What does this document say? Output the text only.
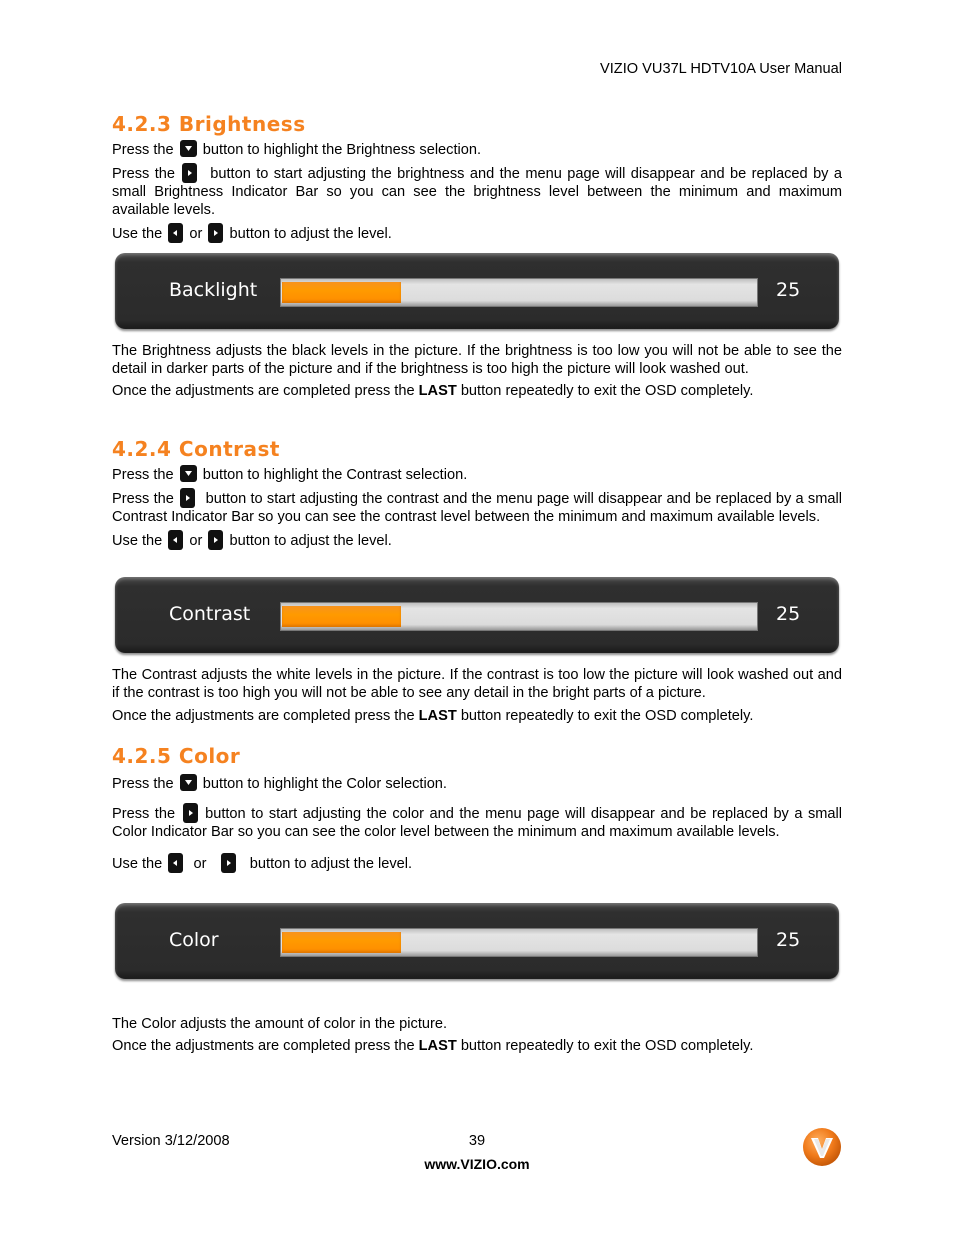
VIZIO VU37L HDTV10A User Manual
4.2.3 Brightness
Press the button to highlight the Brightness selection.

Press the button to start adjusting the brightness and the menu page will disappear and be replaced by a small Brightness Indicator Bar so you can see the brightness level between the minimum and maximum available levels.

Use the or button to adjust the level.
Backlight	25

The Brightness adjusts the black levels in the picture. If the brightness is too low you will not be able to see the detail in darker parts of the picture and if the brightness is too high the picture will look washed out.

Once the adjustments are completed press the LAST button repeatedly to exit the OSD completely.
4.2.4 Contrast
Press the button to highlight the Contrast selection.

Press the button to start adjusting the contrast and the menu page will disappear and be replaced by a small Contrast Indicator Bar so you can see the contrast level between the minimum and maximum available levels.

Use the or button to adjust the level.
Contrast	25

The Contrast adjusts the white levels in the picture. If the contrast is too low the picture will look washed out and if the contrast is too high you will not be able to see any detail in the bright parts of a picture.

Once the adjustments are completed press the LAST button repeatedly to exit the OSD completely.
4.2.5 Color
Press the button to highlight the Color selection.

Press the button to start adjusting the color and the menu page will disappear and be replaced by a small Color Indicator Bar so you can see the color level between the minimum and maximum available levels.

Use the or	button to adjust the level.
Color	25

The Color adjusts the amount of color in the picture.

Once the adjustments are completed press the LAST button repeatedly to exit the OSD completely.
Version 3/12/2008	39
www.VIZIO.com
